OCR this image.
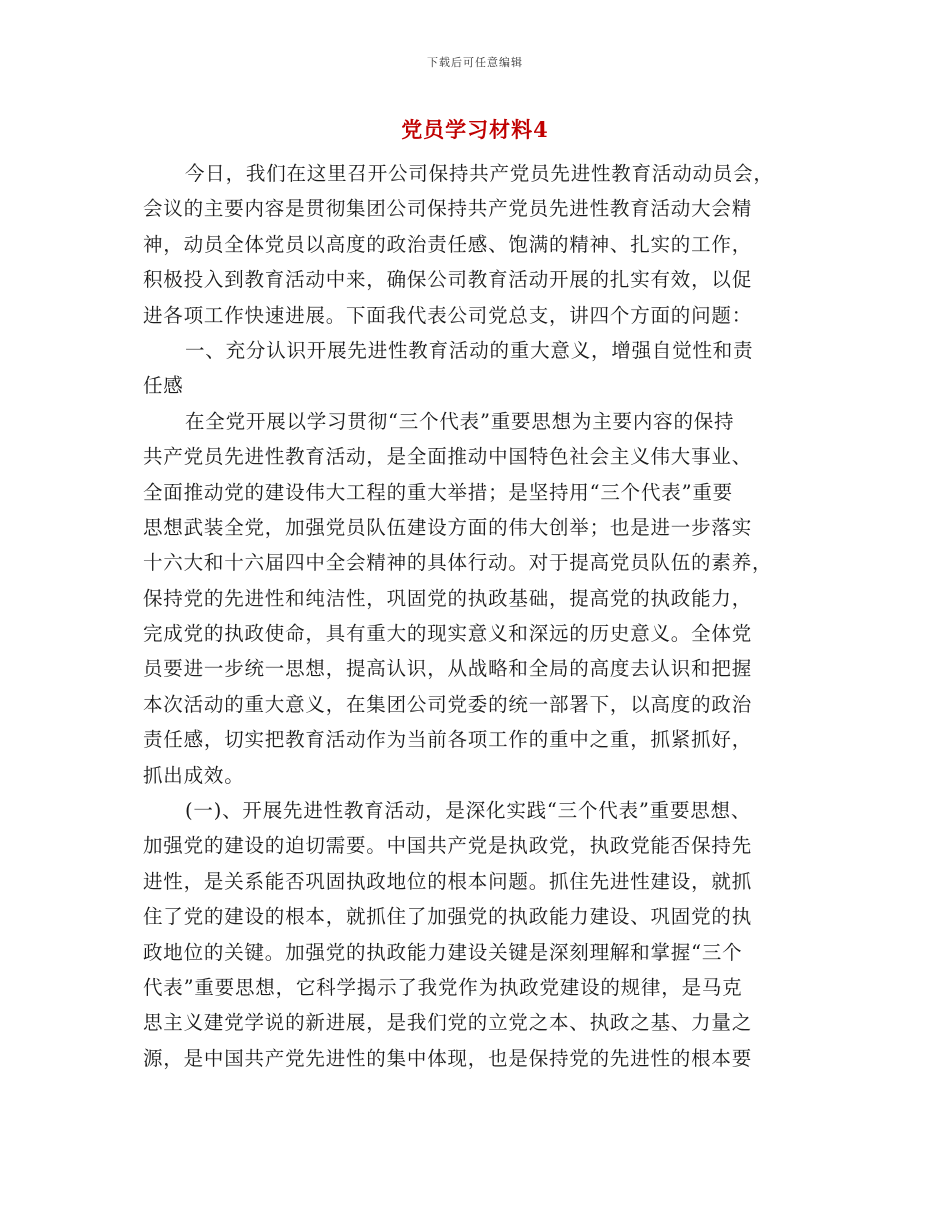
下载后可任意编辑
党员学习材料4
今日，我们在这里召开公司保持共产党员先进性教育活动动员会，
会议的主要内容是贯彻集团公司保持共产党员先进性教育活动大会精
神，动员全体党员以高度的政治责任感、饱满的精神、扎实的工作，
积极投入到教育活动中来，确保公司教育活动开展的扎实有效，以促
进各项工作快速进展。下面我代表公司党总支，讲四个方面的问题：
一、充分认识开展先进性教育活动的重大意义，增强自觉性和责
任感
在全党开展以学习贯彻“三个代表”重要思想为主要内容的保持
共产党员先进性教育活动，是全面推动中国特色社会主义伟大事业、
全面推动党的建设伟大工程的重大举措；是坚持用“三个代表”重要
思想武装全党，加强党员队伍建设方面的伟大创举；也是进一步落实
十六大和十六届四中全会精神的具体行动。对于提高党员队伍的素养，
保持党的先进性和纯洁性，巩固党的执政基础，提高党的执政能力，
完成党的执政使命，具有重大的现实意义和深远的历史意义。全体党
员要进一步统一思想，提高认识，从战略和全局的高度去认识和把握
本次活动的重大意义，在集团公司党委的统一部署下，以高度的政治
责任感，切实把教育活动作为当前各项工作的重中之重，抓紧抓好，
抓出成效。
(一)、开展先进性教育活动，是深化实践“三个代表”重要思想、
加强党的建设的迫切需要。中国共产党是执政党，执政党能否保持先
进性，是关系能否巩固执政地位的根本问题。抓住先进性建设，就抓
住了党的建设的根本，就抓住了加强党的执政能力建设、巩固党的执
政地位的关键。加强党的执政能力建设关键是深刻理解和掌握“三个
代表”重要思想，它科学揭示了我党作为执政党建设的规律，是马克
思主义建党学说的新进展，是我们党的立党之本、执政之基、力量之
源，是中国共产党先进性的集中体现，也是保持党的先进性的根本要
